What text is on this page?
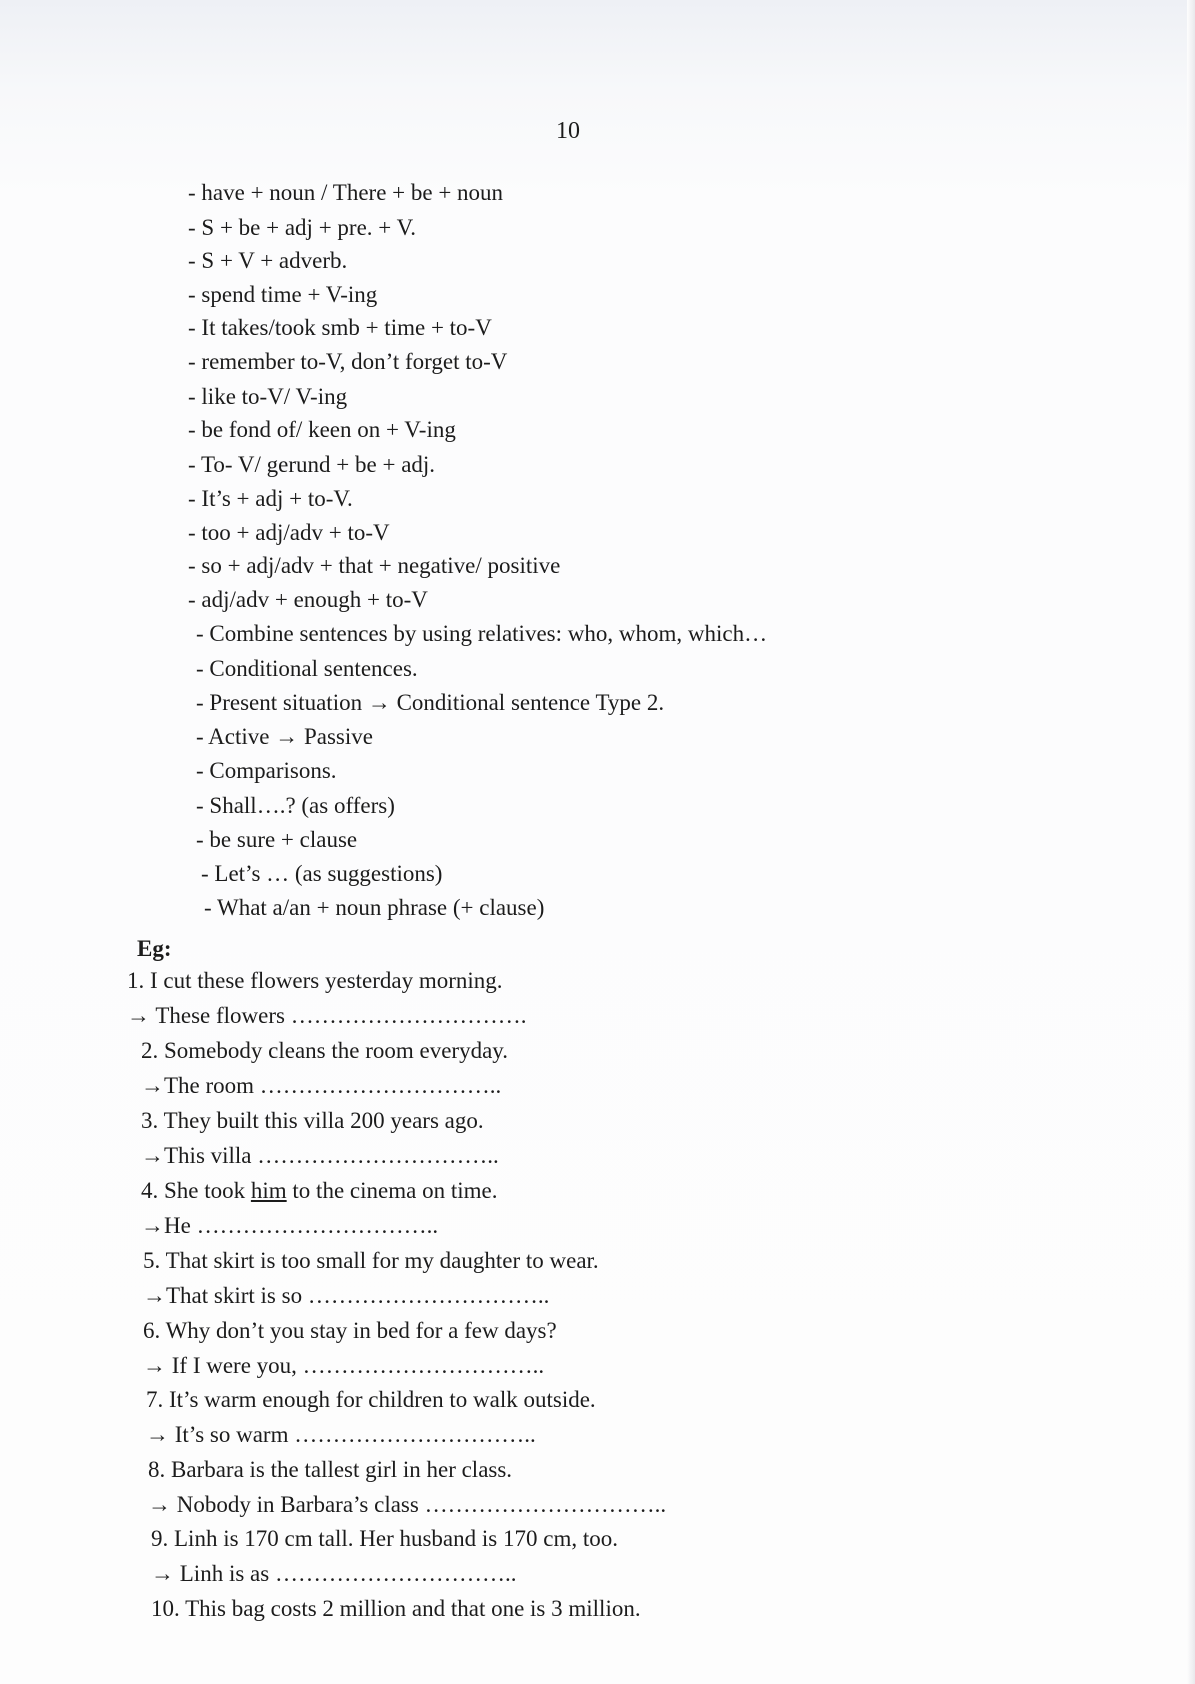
10
- have + noun / There + be + noun
- S + be + adj + pre. + V.
- S + V + adverb.
- spend time + V-ing
- It takes/took smb + time + to-V
- remember to-V, don’t forget to-V
- like to-V/ V-ing
- be fond of/ keen on + V-ing
- To- V/ gerund + be + adj.
- It’s + adj + to-V.
- too + adj/adv + to-V
- so + adj/adv + that + negative/ positive
- adj/adv + enough + to-V
- Combine sentences by using relatives: who, whom, which…
- Conditional sentences.
- Present situation → Conditional sentence Type 2.
- Active → Passive
- Comparisons.
- Shall….? (as offers)
- be sure + clause
- Let’s … (as suggestions)
- What a/an + noun phrase (+ clause)
Eg:
1. I cut these flowers yesterday morning.
→ These flowers ………………………….
2. Somebody cleans the room everyday.
→The room …………………………..
3. They built this villa 200 years ago.
→This villa …………………………..
4. She took him to the cinema on time.
→He …………………………..
5. That skirt is too small for my daughter to wear.
→That skirt is so …………………………..
6. Why don’t you stay in bed for a few days?
→ If I were you, …………………………..
7. It’s warm enough for children to walk outside.
→ It’s so warm …………………………..
8. Barbara is the tallest girl in her class.
→ Nobody in Barbara’s class …………………………..
9. Linh is 170 cm tall. Her husband is 170 cm, too.
→ Linh is as …………………………..
10. This bag costs 2 million and that one is 3 million.
